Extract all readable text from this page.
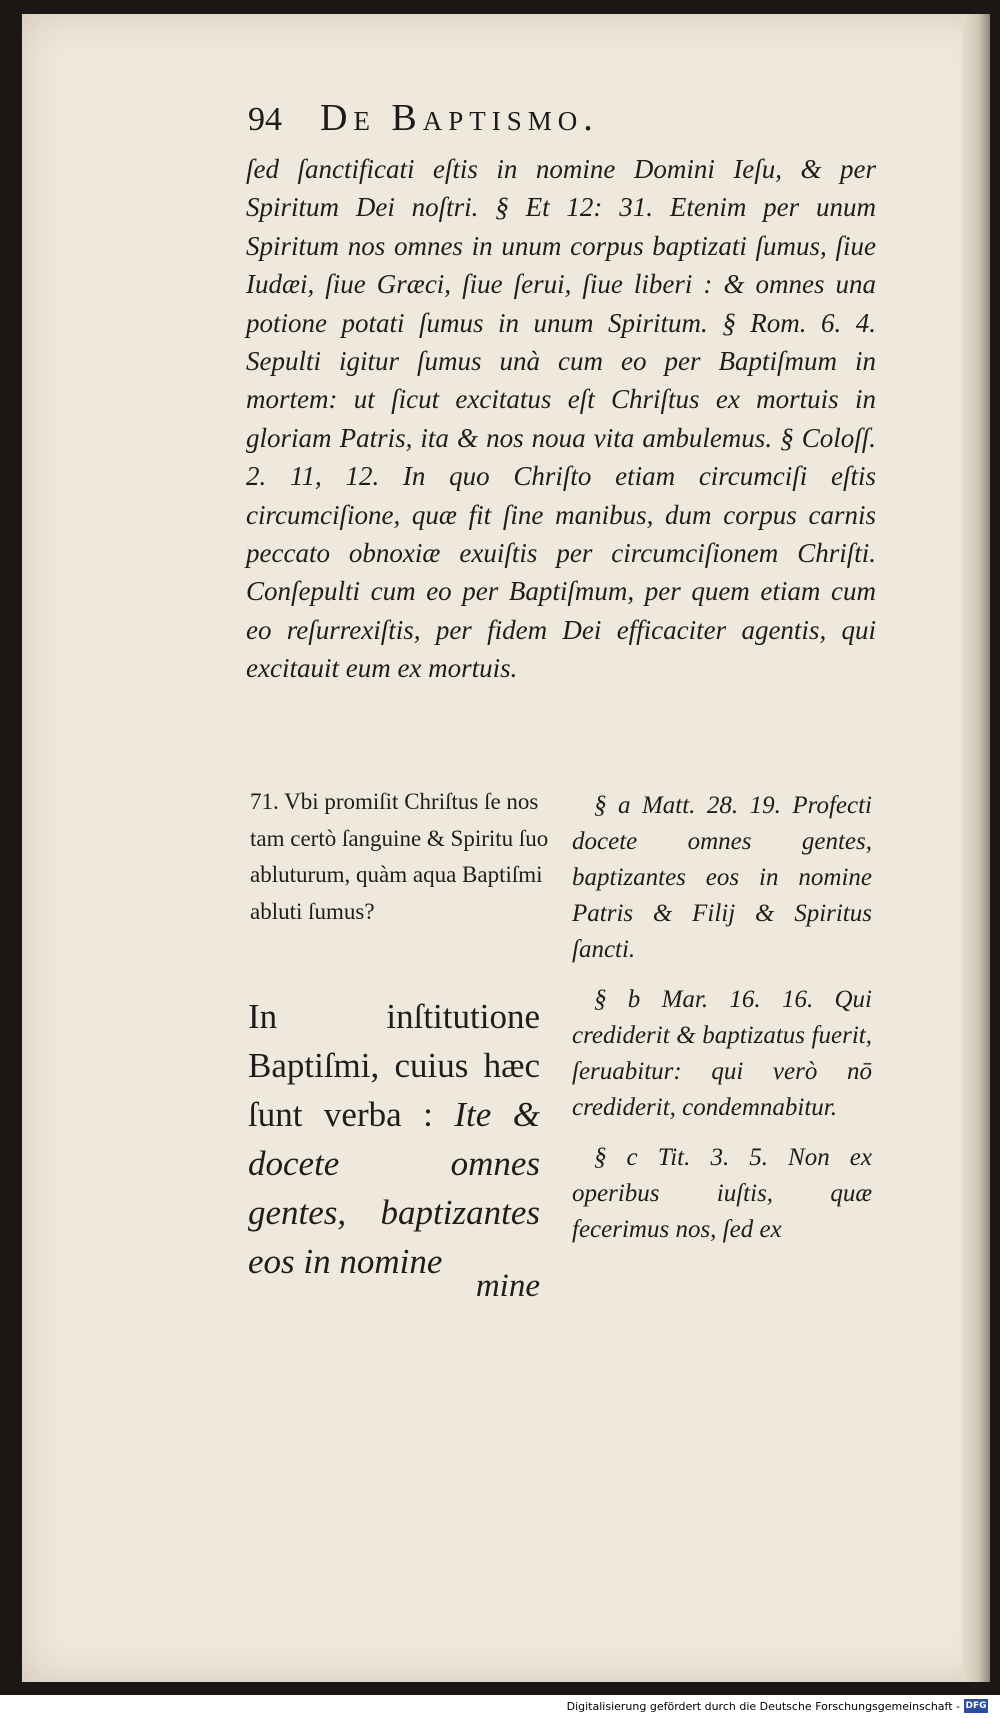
94 De Baptismo.

ſed ſanctificati eſtis in nomine Domini Ieſu, & per Spiritum Dei noſtri. § Et 12: 31. Etenim per unum Spiritum nos omnes in unum corpus baptizati ſumus, ſiue Iudæi, ſiue Græci, ſiue ſerui, ſiue liberi : & omnes una potione potati ſumus in unum Spiritum. § Rom. 6. 4. Sepulti igitur ſumus unà cum eo per Baptiſmum in mortem: ut ſicut excitatus eſt Chriſtus ex mortuis in gloriam Patris, ita & nos noua vita ambulemus. § Coloſſ. 2. 11, 12. In quo Chriſto etiam circumciſi eſtis circumciſione, quæ fit ſine manibus, dum corpus carnis peccato obnoxiæ exuiſtis per circumciſionem Chriſti. Conſepulti cum eo per Baptiſmum, per quem etiam cum eo reſurrexiſtis, per fidem Dei efficaciter agentis, qui excitauit eum ex mortuis.

71. Vbi promiſit Chriſtus ſe nos tam certò ſanguine & Spiritu ſuo abluturum, quàm aqua Baptiſmi abluti ſumus?

In inſtitutione Baptiſmi, cuius hæc ſunt verba : Ite & docete omnes gentes, baptizantes eos in nomine

mine

§ a Matt. 28. 19. Profecti docete omnes gentes, baptizantes eos in nomine Patris & Filij & Spiritus ſancti.

§ b Mar. 16. 16. Qui crediderit & baptizatus fuerit, ſeruabitur: qui verò nō crediderit, condemnabitur.

§ c Tit. 3. 5. Non ex operibus iuſtis, quæ fecerimus nos, ſed ex

Digitalisierung gefördert durch die Deutsche Forschungsgemeinschaft - DFG
